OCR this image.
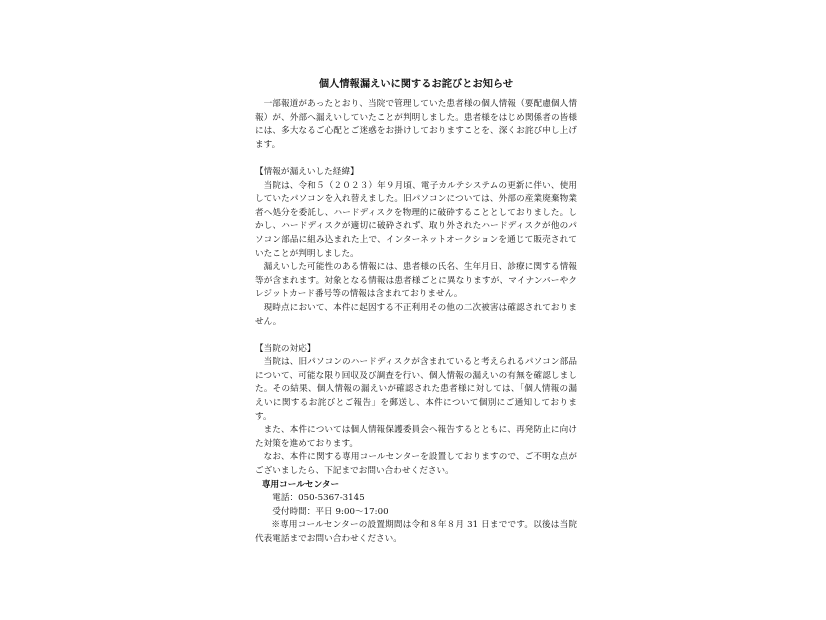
個人情報漏えいに関するお詫びとお知らせ

一部報道があったとおり、当院で管理していた患者様の個人情報（要配慮個人情報）が、外部へ漏えいしていたことが判明しました。患者様をはじめ関係者の皆様には、多大なるご心配とご迷惑をお掛けしておりますことを、深くお詫び申し上げます。

【情報が漏えいした経緯】

当院は、令和５（２０２３）年９月頃、電子カルテシステムの更新に伴い、使用していたパソコンを入れ替えました。旧パソコンについては、外部の産業廃棄物業者へ処分を委託し、ハードディスクを物理的に破砕することとしておりました。しかし、ハードディスクが適切に破砕されず、取り外されたハードディスクが他のパソコン部品に組み込まれた上で、インターネットオークションを通じて販売されていたことが判明しました。

漏えいした可能性のある情報には、患者様の氏名、生年月日、診療に関する情報等が含まれます。対象となる情報は患者様ごとに異なりますが、マイナンバーやクレジットカード番号等の情報は含まれておりません。

現時点において、本件に起因する不正利用その他の二次被害は確認されておりません。

【当院の対応】

当院は、旧パソコンのハードディスクが含まれていると考えられるパソコン部品について、可能な限り回収及び調査を行い、個人情報の漏えいの有無を確認しました。その結果、個人情報の漏えいが確認された患者様に対しては、「個人情報の漏えいに関するお詫びとご報告」を郵送し、本件について個別にご通知しております。

また、本件については個人情報保護委員会へ報告するとともに、再発防止に向けた対策を進めております。

なお、本件に関する専用コールセンターを設置しておりますので、ご不明な点がございましたら、下記までお問い合わせください。

専用コールセンター

電話：050-5367-3145

受付時間：平日 9:00～17:00

※専用コールセンターの設置期間は令和８年８月 31 日までです。以後は当院代表電話までお問い合わせください。
